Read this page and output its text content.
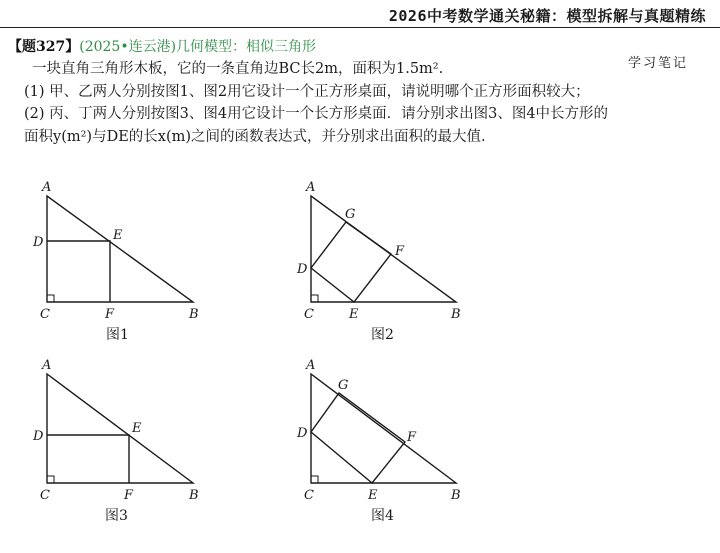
2026中考数学通关秘籍：模型拆解与真题精练
【题327】(2025•连云港)几何模型：相似三角形
学习笔记

一块直角三角形木板，它的一条直角边BC长2m，面积为1.5m².

(1) 甲、乙两人分别按图1、图2用它设计一个正方形桌面，请说明哪个正方形面积较大；

(2) 丙、丁两人分别按图3、图4用它设计一个长方形桌面．请分别求出图3、图4中长方形的面积y(m²)与DE的长x(m)之间的函数表达式，并分别求出面积的最大值.

A
D	E
C	F	B
图1
A
G
F
D
C	E	B
图2
A
D
E
C	F	B
图3
A
G
F
D
C	E	B
图4
